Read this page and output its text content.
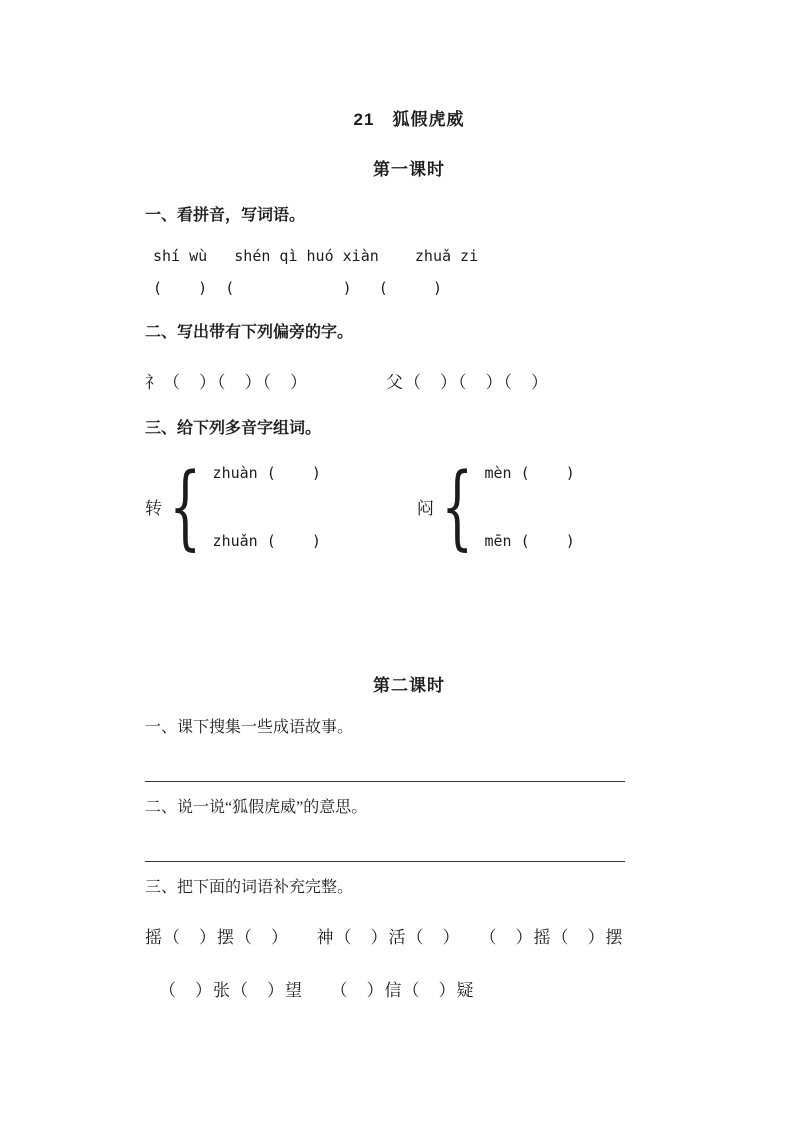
21　狐假虎威
第一课时
一、看拼音，写词语。
shí wù   shén qì huó xiàn    zhuǎ zi
(    )  (            )   (     )
二、写出带有下列偏旁的字。
礻（　）（　）（　）	父（　）（　）（　）
三、给下列多音字组词。
转 { zhuàn (    )
zhuǎn (    )
闷 { mèn (    )
mēn (    )
第二课时
一、课下搜集一些成语故事。
二、说一说“狐假虎威”的意思。
三、把下面的词语补充完整。
摇（　）摆（　）　　神（　）活（　）　　（　）摇（　）摆
（　）张（　）望　　（　）信（　）疑
